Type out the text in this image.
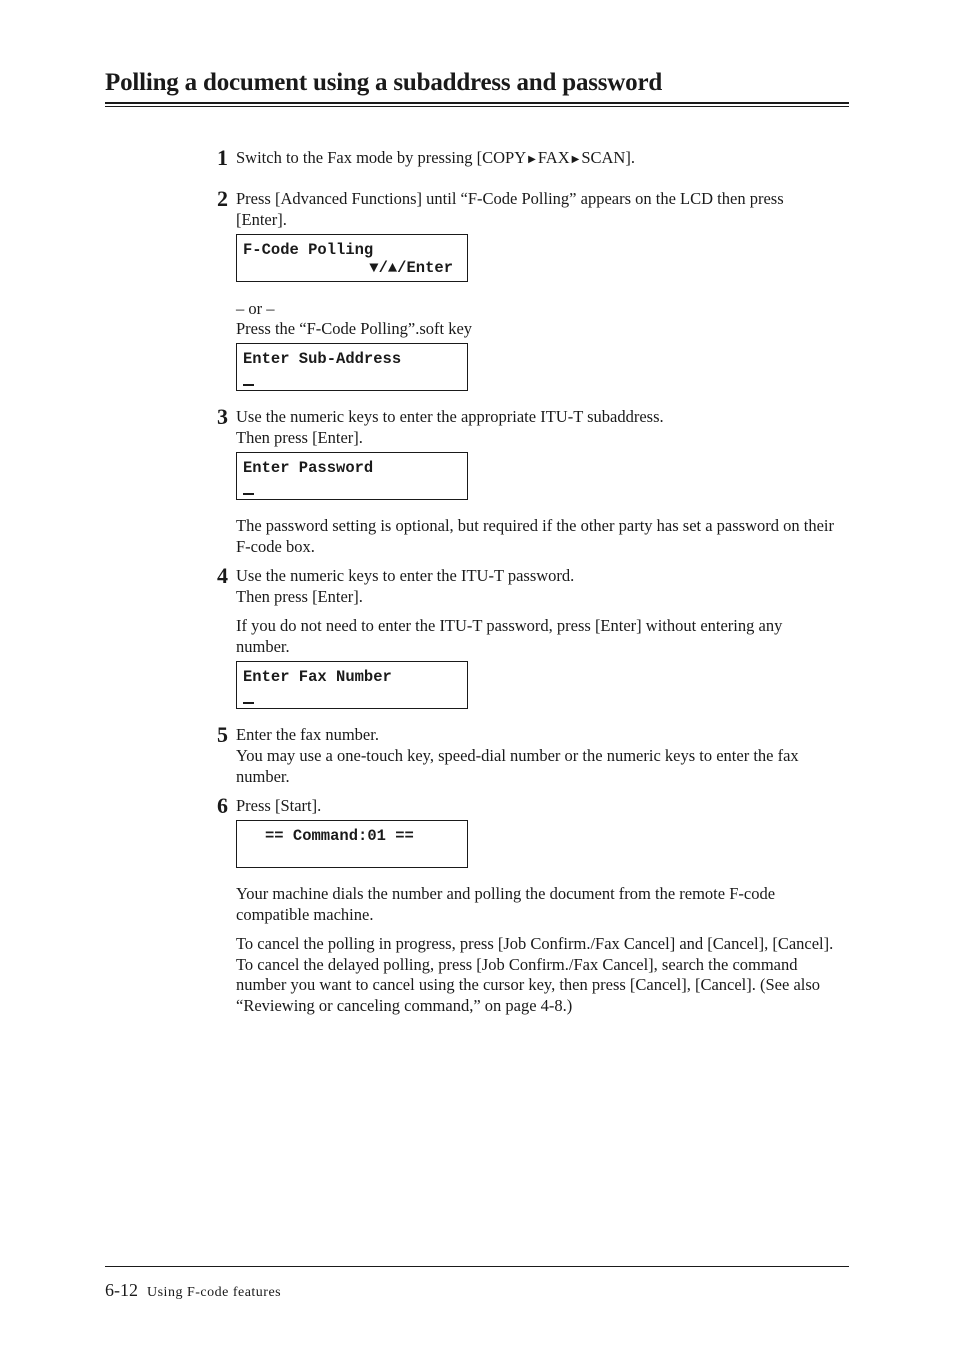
Polling a document using a subaddress and password
1 Switch to the Fax mode by pressing [COPY ▶ FAX ▶ SCAN].

2 Press [Advanced Functions] until “F-Code Polling” appears on the LCD then press [Enter].

F-Code Polling
▼/▲/Enter

– or –

Press the “F-Code Polling”.soft key

Enter Sub-Address
3 Use the numeric keys to enter the appropriate ITU-T subaddress.

Then press [Enter].

Enter Password

The password setting is optional, but required if the other party has set a password on their F-code box.

4 Use the numeric keys to enter the ITU-T password.

Then press [Enter].

If you do not need to enter the ITU-T password, press [Enter] without entering any number.

Enter Fax Number
5 Enter the fax number.

You may use a one-touch key, speed-dial number or the numeric keys to enter the fax number.

6 Press [Start].

== Command:01 ==

Your machine dials the number and polling the document from the remote F-code compatible machine.

To cancel the polling in progress, press [Job Confirm./Fax Cancel] and [Cancel], [Cancel]. To cancel the delayed polling, press [Job Confirm./Fax Cancel], search the command number you want to cancel using the cursor key, then press [Cancel], [Cancel]. (See also “Reviewing or canceling command,” on page 4-8.)

6-12 Using F-code features
